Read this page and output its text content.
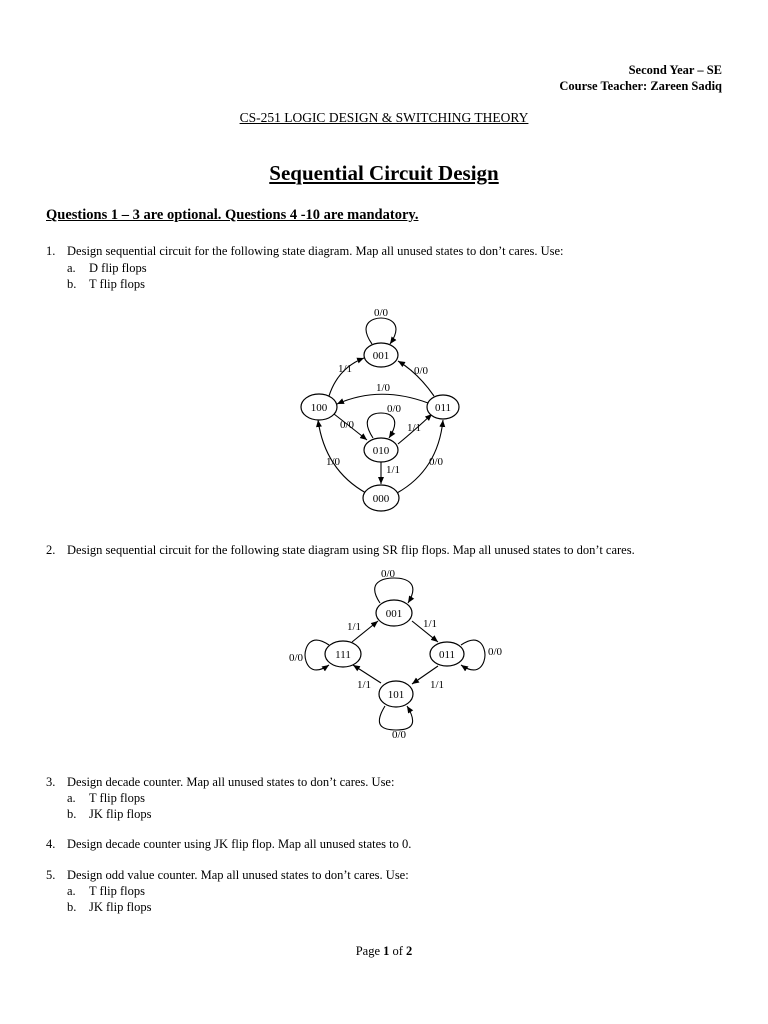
Second Year – SE
Course Teacher: Zareen Sadiq
CS-251 LOGIC DESIGN & SWITCHING THEORY
Sequential Circuit Design
Questions 1 – 3 are optional. Questions 4 -10 are mandatory.
1. Design sequential circuit for the following state diagram. Map all unused states to don’t cares. Use:
a. D flip flops
b. T flip flops
001
100	011
010
000
0/0
1/1	0/0
1/0
0/0
0/0	1/1
1/0
1/1
0/0
2. Design sequential circuit for the following state diagram using SR flip flops. Map all unused states to don’t cares.
001
111	011
101
0/0
1/1	1/1
0/0	0/0
1/1	1/1
0/0
3. Design decade counter. Map all unused states to don’t cares. Use:
a. T flip flops
b. JK flip flops
4. Design decade counter using JK flip flop. Map all unused states to 0.
5. Design odd value counter. Map all unused states to don’t cares. Use:
a. T flip flops
b. JK flip flops
Page 1 of 2
